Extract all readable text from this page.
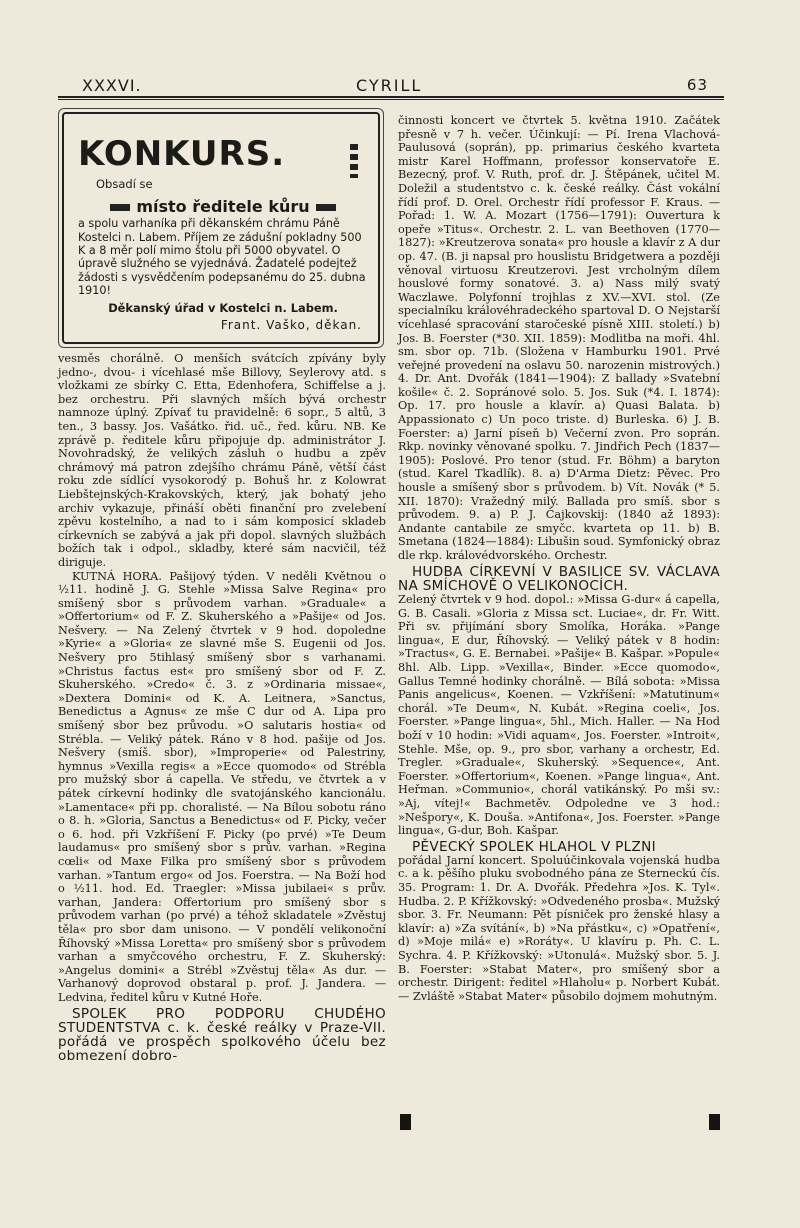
XXXVI.	CYRILL	63
KONKURS.
Obsadí se
místo ředitele kůru
a spolu varhaníka při děkanském chrámu Páně Kostelci n. Labem. Příjem ze zádušní pokladny 500 K a 8 měr polí mimo štolu při 5000 obyvatel. O úpravě služného se vyjednává. Žadatelé podejtež žádosti s vysvědčením podepsanému do 25. dubna 1910!
Děkanský úřad v Kostelci n. Labem.
Frant. Vaško, děkan.

vesměs chorálně. O menších svátcích zpívány byly jedno-, dvou- i vícehlasé mše Billovy, Seylerovy atd. s vložkami ze sbírky C. Etta, Edenhofera, Schiffelse a j. bez orchestru. Při slavných mších bývá orchestr namnoze úplný. Zpívať tu pravidelně: 6 sopr., 5 altů, 3 ten., 3 bassy. Jos. Vašátko. řid. uč., řed. kůru. NB. Ke zprávě p. ředitele kůru připojuje dp. administrátor J. Novohradský, že velikých zásluh o hudbu a zpěv chrámový má patron zdejšího chrámu Páně, větší část roku zde sídlící vysokorodý p. Bohuš hr. z Kolowrat Liebštejnských-Krakovských, který, jak bohatý jeho archiv vykazuje, přináší oběti finanční pro zvelebení zpěvu kostelního, a nad to i sám komposicí skladeb církevních se zabývá a jak při dopol. slavných službách božích tak i odpol., skladby, které sám nacvičil, též diriguje.

KUTNÁ HORA. Pašijový týden. V neděli Květnou o ½11. hodině J. G. Stehle »Missa Salve Regina« pro smíšený sbor s průvodem varhan. »Graduale« a »Offertorium« od F. Z. Skuherského a »Pašije« od Jos. Nešvery. — Na Zelený čtvrtek v 9 hod. dopoledne »Kyrie« a »Gloria« ze slavné mše S. Eugenii od Jos. Nešvery pro 5tihlasý smíšený sbor s varhanami. »Christus factus est« pro smíšený sbor od F. Z. Skuherského. »Credo« č. 3. z »Ordinaria missae«, »Dextera Domini« od K. A. Leitnera, »Sanctus, Benedictus a Agnus« ze mše C dur od A. Lipa pro smíšený sbor bez průvodu. »O salutaris hostia« od Strébla. — Veliký pátek. Ráno v 8 hod. pašije od Jos. Nešvery (smíš. sbor), »Improperie« od Palestriny, hymnus »Vexilla regis« a »Ecce quomodo« od Strébla pro mužský sbor á capella. Ve středu, ve čtvrtek a v pátek církevní hodinky dle svatojánského kancionálu. »Lamentace« při pp. choralisté. — Na Bílou sobotu ráno o 8. h. »Gloria, Sanctus a Benedictus« od F. Picky, večer o 6. hod. při Vzkříšení F. Picky (po prvé) »Te Deum laudamus« pro smíšený sbor s prův. varhan. »Regina cœli« od Maxe Filka pro smíšený sbor s průvodem varhan. »Tantum ergo« od Jos. Foerstra. — Na Boží hod o ½11. hod. Ed. Traegler: »Missa jubilaei« s prův. varhan, Jandera: Offertorium pro smíšený sbor s průvodem varhan (po prvé) a téhož skladatele »Zvěstuj těla« pro sbor dam unisono. — V pondělí velikonoční Říhovský »Missa Loretta« pro smíšený sbor s průvodem varhan a smyčcového orchestru, F. Z. Skuherský: »Angelus domini« a Strébl »Zvěstuj těla« As dur. — Varhanový doprovod obstaral p. prof. J. Jandera. — Ledvina, ředitel kůru v Kutné Hoře.

SPOLEK PRO PODPORU CHUDÉHO STUDENTSTVA c. k. české reálky v Praze-VII. pořádá ve prospěch spolkového účelu bez obmezení dobro-

činnosti koncert ve čtvrtek 5. května 1910. Začátek přesně v 7 h. večer. Účinkují: — Pí. Irena Vlachová-Paulusová (soprán), pp. primarius českého kvarteta mistr Karel Hoffmann, professor konservatoře E. Bezecný, prof. V. Ruth, prof. dr. J. Štěpánek, učitel M. Doležil a studentstvo c. k. české reálky. Část vokální řídí prof. D. Orel. Orchestr řídí professor F. Kraus. — Pořad: 1. W. A. Mozart (1756—1791): Ouvertura k opeře »Titus«. Orchestr. 2. L. van Beethoven (1770—1827): »Kreutzerova sonata« pro housle a klavír z A dur op. 47. (B. ji napsal pro houslistu Bridgetwera a později věnoval virtuosu Kreutzerovi. Jest vrcholným dílem houslové formy sonatové. 3. a) Nass milý svatý Waczlawe. Polyfonní trojhlas z XV.—XVI. stol. (Ze specialníku královéhradeckého spartoval D. O Nejstarší vícehlasé spracování staročeské písně XIII. století.) b) Jos. B. Foerster (*30. XII. 1859): Modlitba na moři. 4hl. sm. sbor op. 71b. (Složena v Hamburku 1901. Prvé veřejné provedení na oslavu 50. narozenin mistrových.) 4. Dr. Ant. Dvořák (1841—1904): Z ballady »Svatební košile« č. 2. Sopránové solo. 5. Jos. Suk (*4. I. 1874): Op. 17. pro housle a klavír. a) Quasi Balata. b) Appassionato c) Un poco triste. d) Burleska. 6) J. B. Foerster: a) Jarní píseň b) Večerní zvon. Pro soprán. Rkp. novinky věnované spolku. 7. Jindřich Pech (1837—1905): Poslové. Pro tenor (stud. Fr. Böhm) a baryton (stud. Karel Tkadlík). 8. a) D'Arma Dietz: Pěvec. Pro housle a smíšený sbor s průvodem. b) Vít. Novák (* 5. XII. 1870): Vražedný milý. Ballada pro smíš. sbor s průvodem. 9. a) P. J. Čajkovskij: (1840 až 1893): Andante cantabile ze smyčc. kvarteta op 11. b) B. Smetana (1824—1884): Libušin soud. Symfonický obraz dle rkp. královédvorského. Orchestr.

HUDBA CÍRKEVNÍ V BASILICE SV. VÁCLAVA NA SMÍCHOVĚ O VELIKONOCÍCH.

Zelený čtvrtek v 9 hod. dopol.: »Missa G-dur« á capella, G. B. Casali. »Gloria z Missa sct. Luciae«, dr. Fr. Witt. Při sv. přijímání sbory Smolíka, Horáka. »Pange lingua«, E dur, Říhovský. — Veliký pátek v 8 hodin: »Tractus«, G. E. Bernabei. »Pašije« B. Kašpar. »Popule« 8hl. Alb. Lipp. »Vexilla«, Binder. »Ecce quomodo«, Gallus Temné hodinky chorálně. — Bílá sobota: »Missa Panis angelicus«, Koenen. — Vzkříšení: »Matutinum« chorál. »Te Deum«, N. Kubát. »Regina coeli«, Jos. Foerster. »Pange lingua«, 5hl., Mich. Haller. — Na Hod boží v 10 hodin: »Vidi aquam«, Jos. Foerster. »Introit«, Stehle. Mše, op. 9., pro sbor, varhany a orchestr, Ed. Tregler. »Graduale«, Skuherský. »Sequence«, Ant. Foerster. »Offertorium«, Koenen. »Pange lingua«, Ant. Heřman. »Communio«, chorál vatikánský. Po mši sv.: »Aj, vítej!« Bachmetěv. Odpoledne ve 3 hod.: »Nešpory«, K. Douša. »Antifona«, Jos. Foerster. »Pange lingua«, G-dur, Boh. Kašpar.

PĚVECKÝ SPOLEK HLAHOL V PLZNI

pořádal Jarní koncert. Spoluúčinkovala vojenská hudba c. a k. pěšího pluku svobodného pána ze Sterneckú čís. 35. Program: 1. Dr. A. Dvořák. Předehra »Jos. K. Tyl«. Hudba. 2. P. Křížkovský: »Odvedeného prosba«. Mužský sbor. 3. Fr. Neumann: Pět písniček pro ženské hlasy a klavír: a) »Za svítání«, b) »Na přástku«, c) »Opatření«, d) »Moje milá« e) »Roráty«. U klavíru p. Ph. C. L. Sychra. 4. P. Křížkovský: »Utonulá«. Mužský sbor. 5. J. B. Foerster: »Stabat Mater«, pro smíšený sbor a orchestr. Dirigent: ředitel »Hlaholu« p. Norbert Kubát. — Zvláště »Stabat Mater« působilo dojmem mohutným.
